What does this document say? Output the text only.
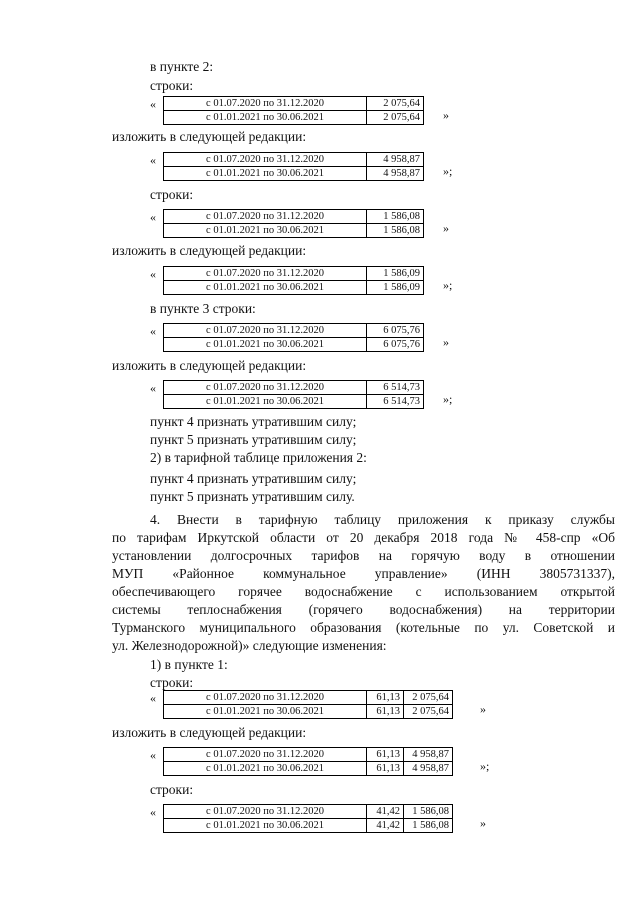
в пункте 2:
строки:
«	с 01.07.2020 по 31.12.2020	2 075,64
с 01.01.2021 по 30.06.2021	2 075,64 »
изложить в следующей редакции:
«	с 01.07.2020 по 31.12.2020	4 958,87
с 01.01.2021 по 30.06.2021	4 958,87 »;
строки:
«	с 01.07.2020 по 31.12.2020	1 586,08
с 01.01.2021 по 30.06.2021	1 586,08 »
изложить в следующей редакции:
«	с 01.07.2020 по 31.12.2020	1 586,09
с 01.01.2021 по 30.06.2021	1 586,09 »;
в пункте 3 строки:
«	с 01.07.2020 по 31.12.2020	6 075,76
с 01.01.2021 по 30.06.2021	6 075,76 »
изложить в следующей редакции:
«	с 01.07.2020 по 31.12.2020	6 514,73
с 01.01.2021 по 30.06.2021	6 514,73 »;
пункт 4 признать утратившим силу;
пункт 5 признать утратившим силу;
2) в тарифной таблице приложения 2:
пункт 4 признать утратившим силу;
пункт 5 признать утратившим силу.
4. Внести в тарифную таблицу приложения к приказу службы
по тарифам Иркутской области от 20 декабря 2018 года № 458-спр «Об
установлении долгосрочных тарифов на горячую воду в отношении
МУП «Районное коммунальное управление» (ИНН 3805731337),
обеспечивающего горячее водоснабжение с использованием открытой
системы теплоснабжения (горячего водоснабжения) на территории
Турманского муниципального образования (котельные по ул. Советской и
ул. Железнодорожной)» следующие изменения:
1) в пункте 1:
строки:
«	с 01.07.2020 по 31.12.2020	61,13	2 075,64
с 01.01.2021 по 30.06.2021	61,13	2 075,64	»
изложить в следующей редакции:
«	с 01.07.2020 по 31.12.2020	61,13	4 958,87
с 01.01.2021 по 30.06.2021	61,13	4 958,87	»;
строки:
«	с 01.07.2020 по 31.12.2020	41,42	1 586,08
с 01.01.2021 по 30.06.2021	41,42	1 586,08	»
